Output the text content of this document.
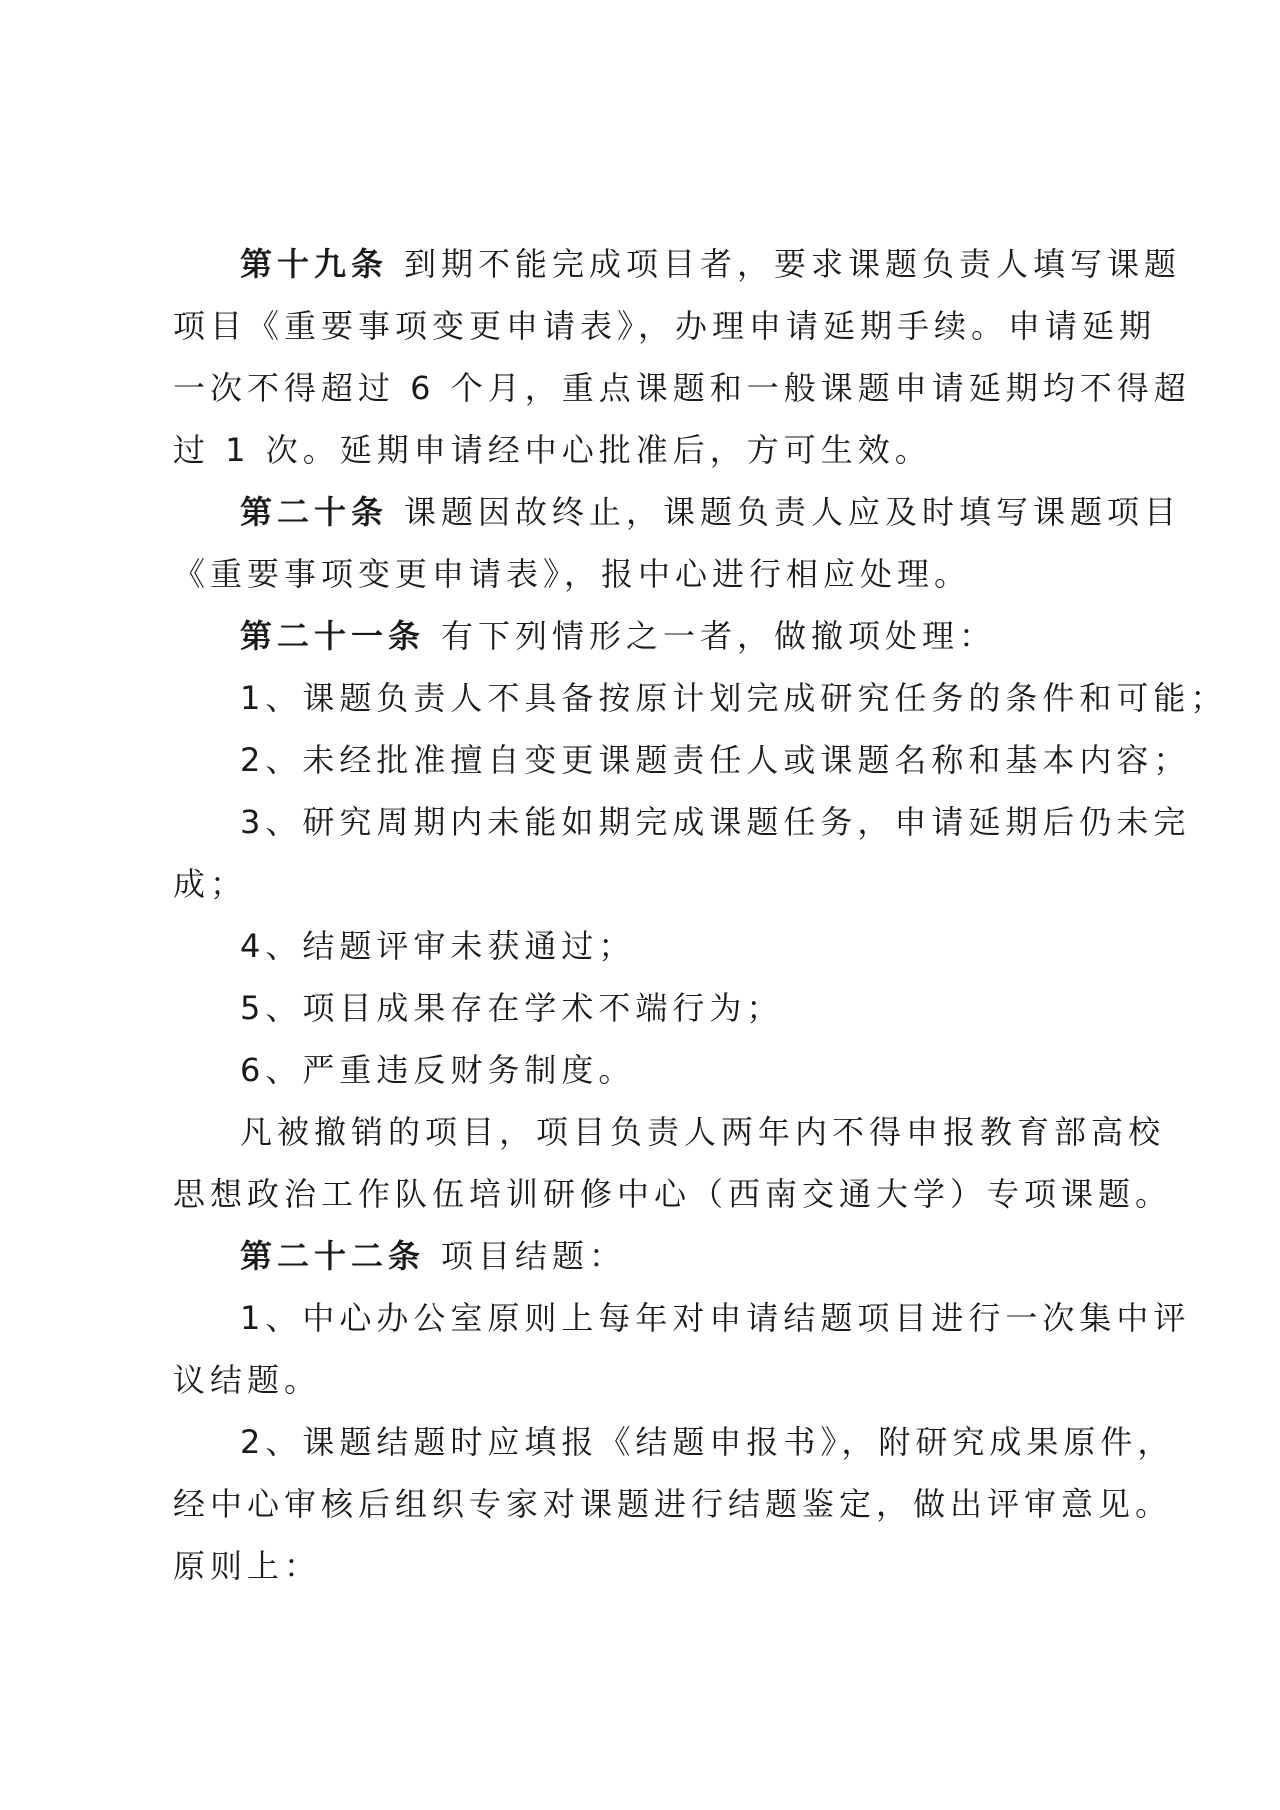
第十九条 到期不能完成项目者，要求课题负责人填写课题
项目《重要事项变更申请表》，办理申请延期手续。申请延期
一次不得超过 6 个月，重点课题和一般课题申请延期均不得超
过 1 次。延期申请经中心批准后，方可生效。
第二十条 课题因故终止，课题负责人应及时填写课题项目
《重要事项变更申请表》，报中心进行相应处理。
第二十一条 有下列情形之一者，做撤项处理：
1、课题负责人不具备按原计划完成研究任务的条件和可能；
2、未经批准擅自变更课题责任人或课题名称和基本内容；
3、研究周期内未能如期完成课题任务，申请延期后仍未完
成；
4、结题评审未获通过；
5、项目成果存在学术不端行为；
6、严重违反财务制度。
凡被撤销的项目，项目负责人两年内不得申报教育部高校
思想政治工作队伍培训研修中心（西南交通大学）专项课题。
第二十二条 项目结题：
1、中心办公室原则上每年对申请结题项目进行一次集中评
议结题。
2、课题结题时应填报《结题申报书》，附研究成果原件，
经中心审核后组织专家对课题进行结题鉴定，做出评审意见。
原则上：
